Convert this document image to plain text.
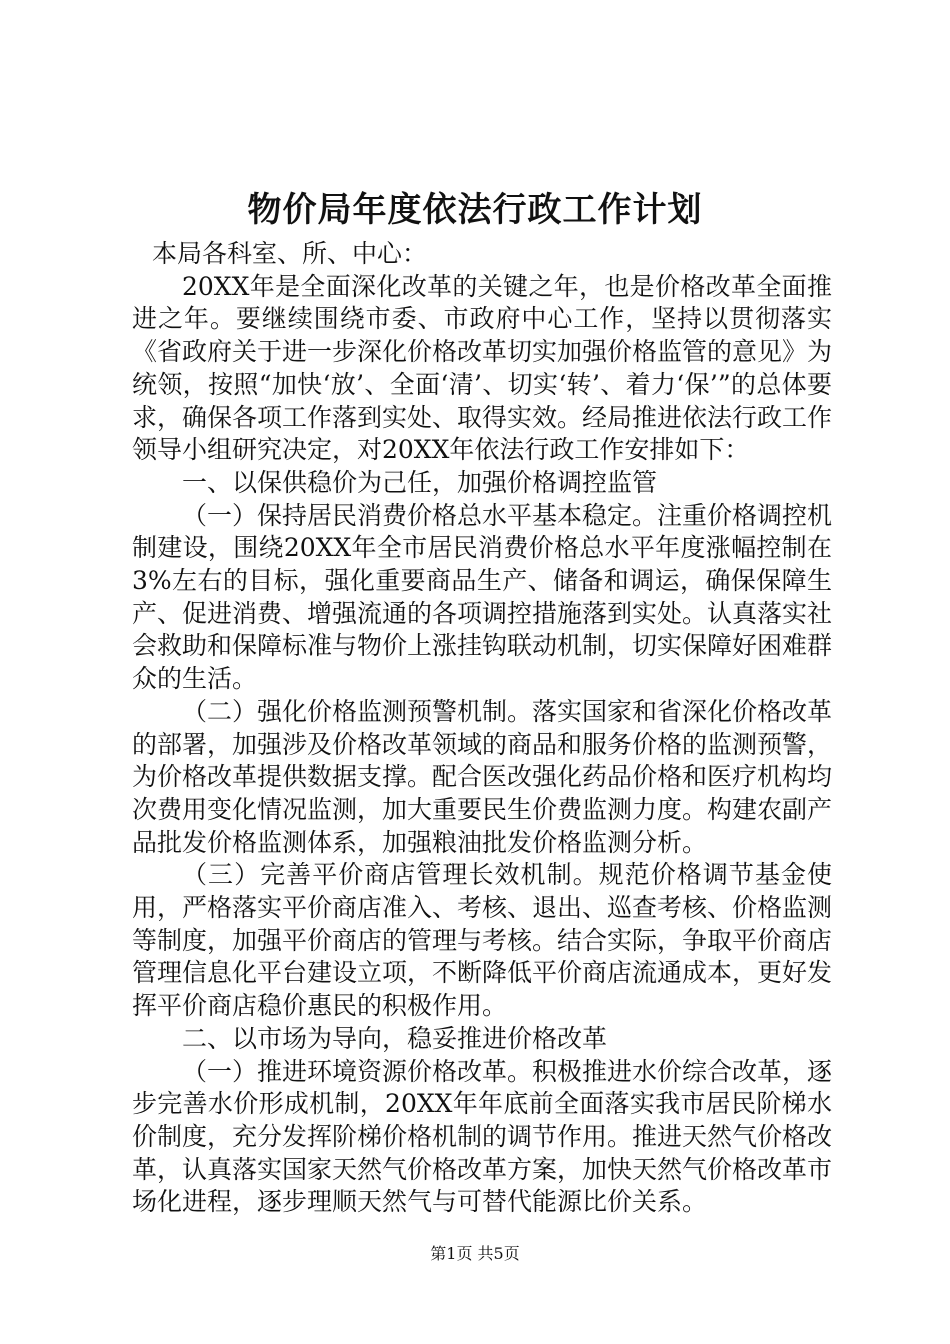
物价局年度依法行政工作计划

本局各科室、所、中心：

20XX年是全面深化改革的关键之年，也是价格改革全面推进之年。要继续围绕市委、市政府中心工作，坚持以贯彻落实《省政府关于进一步深化价格改革切实加强价格监管的意见》为统领，按照“加快‘放’、全面‘清’、切实‘转’、着力‘保’”的总体要求，确保各项工作落到实处、取得实效。经局推进依法行政工作领导小组研究决定，对20XX年依法行政工作安排如下：

一、以保供稳价为己任，加强价格调控监管

（一）保持居民消费价格总水平基本稳定。注重价格调控机制建设，围绕20XX年全市居民消费价格总水平年度涨幅控制在3%左右的目标，强化重要商品生产、储备和调运，确保保障生产、促进消费、增强流通的各项调控措施落到实处。认真落实社会救助和保障标准与物价上涨挂钩联动机制，切实保障好困难群众的生活。

（二）强化价格监测预警机制。落实国家和省深化价格改革的部署，加强涉及价格改革领域的商品和服务价格的监测预警，为价格改革提供数据支撑。配合医改强化药品价格和医疗机构均次费用变化情况监测，加大重要民生价费监测力度。构建农副产品批发价格监测体系，加强粮油批发价格监测分析。

（三）完善平价商店管理长效机制。规范价格调节基金使用，严格落实平价商店准入、考核、退出、巡查考核、价格监测等制度，加强平价商店的管理与考核。结合实际，争取平价商店管理信息化平台建设立项，不断降低平价商店流通成本，更好发挥平价商店稳价惠民的积极作用。

二、以市场为导向，稳妥推进价格改革

（一）推进环境资源价格改革。积极推进水价综合改革，逐步完善水价形成机制，20XX年年底前全面落实我市居民阶梯水价制度，充分发挥阶梯价格机制的调节作用。推进天然气价格改革，认真落实国家天然气价格改革方案，加快天然气价格改革市场化进程，逐步理顺天然气与可替代能源比价关系。

第1页 共5页
